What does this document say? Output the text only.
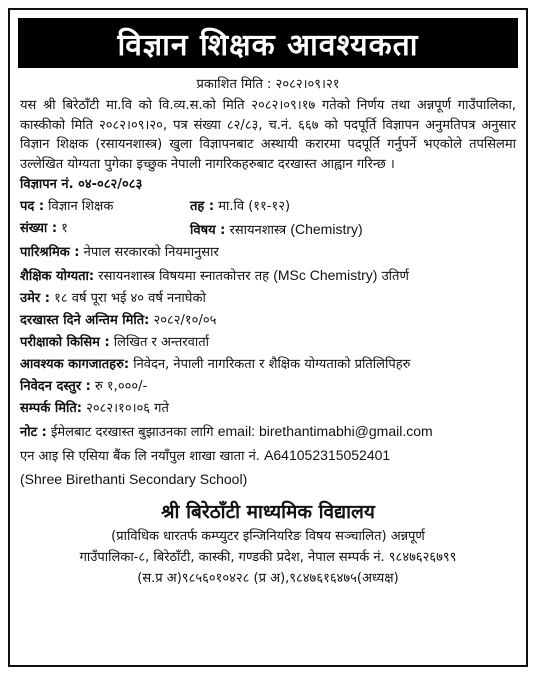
विज्ञान शिक्षक आवश्यकता
प्रकाशित मिति : २०८२।०९।२१
यस श्री बिरेठाँटी मा.वि को वि.व्य.स.को मिति २०८२।०९।१७ गतेको निर्णय तथा अन्नपूर्ण गाउँपालिका, कास्कीको मिति २०८२।०९।२०, पत्र संख्या ८२/८३, च.नं. ६६७ को पदपूर्ति विज्ञापन अनुमतिपत्र अनुसार विज्ञान शिक्षक (रसायनशास्त्र) खुला विज्ञापनबाट अस्थायी करारमा पदपूर्ति गर्नुपर्ने भएकोले तपसिलमा उल्लेखित योग्यता पुगेका इच्छुक नेपाली नागरिकहरुबाट दरखास्त आह्वान गरिन्छ ।
विज्ञापन नं. ०४-०८२/०८३
पद : विज्ञान शिक्षक	तह : मा.वि (११-१२)
संख्या : १	विषय : रसायनशास्त्र (Chemistry)
पारिश्रमिक : नेपाल सरकारको नियमानुसार
शैक्षिक योग्यता: रसायनशास्त्र विषयमा स्नातकोत्तर तह (MSc Chemistry) उतिर्ण
उमेर : १८ वर्ष पूरा भई ४० वर्ष ननाघेको
दरखास्त दिने अन्तिम मिति: २०८२/१०/०५
परीक्षाको किसिम : लिखित र अन्तरवार्ता
आवश्यक कागजातहरु: निवेदन, नेपाली नागरिकता र शैक्षिक योग्यताको प्रतिलिपिहरु
निवेदन दस्तुर : रु १,०००/-
सम्पर्क मिति: २०८२।१०।०६ गते
नोट : ईमेलबाट दरखास्त बुझाउनका लागि email: birethantimabhi@gmail.com
एन आइ सि एसिया बैंक लि नयाँपुल शाखा खाता नं. A641052315052401
(Shree Birethanti Secondary School)
श्री बिरेठाँटी माध्यमिक विद्यालय
(प्राविधिक धारतर्फ कम्प्युटर इन्जिनियरिङ विषय सञ्चालित) अन्नपूर्ण
गाउँपालिका-८, बिरेठाँटी, कास्की, गण्डकी प्रदेश, नेपाल सम्पर्क नं. ९८४७६२६७९९
(स.प्र अ)९८५६०१०४२८ (प्र अ),९८४७६१६४७५(अध्यक्ष)
